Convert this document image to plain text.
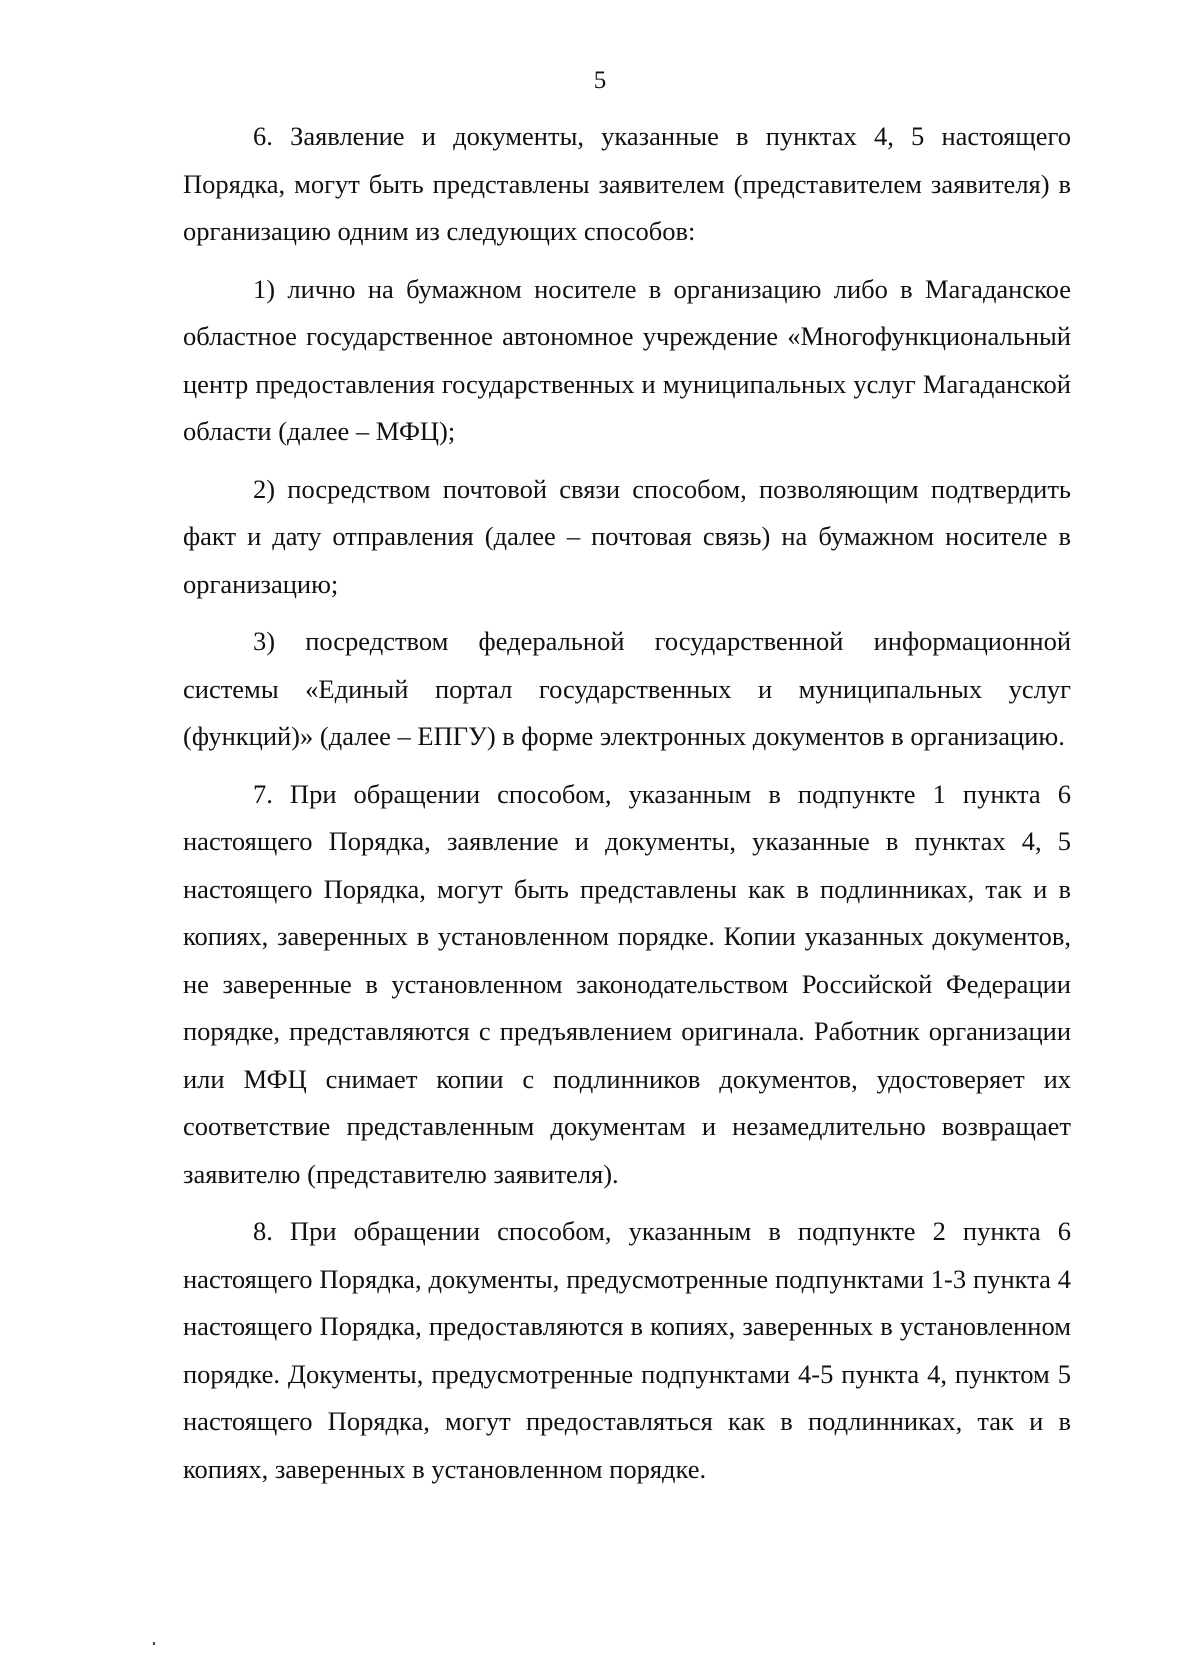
5

6. Заявление и документы, указанные в пунктах 4, 5 настоящего Порядка, могут быть представлены заявителем (представителем заявителя) в организацию одним из следующих способов:

1) лично на бумажном носителе в организацию либо в Магаданское областное государственное автономное учреждение «Многофункциональный центр предоставления государственных и муниципальных услуг Магаданской области (далее – МФЦ);

2) посредством почтовой связи способом, позволяющим подтвердить факт и дату отправления (далее – почтовая связь) на бумажном носителе в организацию;

3) посредством федеральной государственной информационной системы «Единый портал государственных и муниципальных услуг (функций)» (далее – ЕПГУ) в форме электронных документов в организацию.

7. При обращении способом, указанным в подпункте 1 пункта 6 настоящего Порядка, заявление и документы, указанные в пунктах 4, 5 настоящего Порядка, могут быть представлены как в подлинниках, так и в копиях, заверенных в установленном порядке. Копии указанных документов, не заверенные в установленном законодательством Российской Федерации порядке, представляются с предъявлением оригинала. Работник организации или МФЦ снимает копии с подлинников документов, удостоверяет их соответствие представленным документам и незамедлительно возвращает заявителю (представителю заявителя).

8. При обращении способом, указанным в подпункте 2 пункта 6 настоящего Порядка, документы, предусмотренные подпунктами 1-3 пункта 4 настоящего Порядка, предоставляются в копиях, заверенных в установленном порядке. Документы, предусмотренные подпунктами 4-5 пункта 4, пунктом 5 настоящего Порядка, могут предоставляться как в подлинниках, так и в копиях, заверенных в установленном порядке.
